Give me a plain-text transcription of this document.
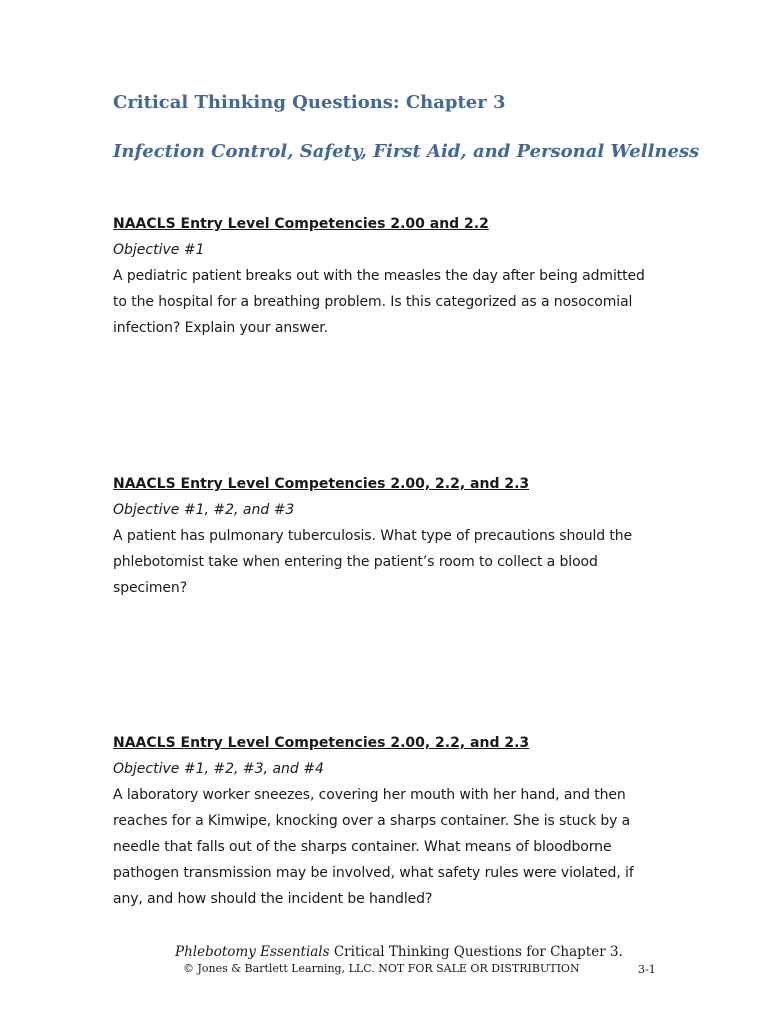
Critical Thinking Questions: Chapter 3
Infection Control, Safety, First Aid, and Personal Wellness

NAACLS Entry Level Competencies 2.00 and 2.2

Objective #1

A pediatric patient breaks out with the measles the day after being admitted to the hospital for a breathing problem. Is this categorized as a nosocomial infection? Explain your answer.

NAACLS Entry Level Competencies 2.00, 2.2, and 2.3

Objective #1, #2, and #3

A patient has pulmonary tuberculosis. What type of precautions should the phlebotomist take when entering the patient’s room to collect a blood specimen?

NAACLS Entry Level Competencies 2.00, 2.2, and 2.3

Objective #1, #2, #3, and #4

A laboratory worker sneezes, covering her mouth with her hand, and then reaches for a Kimwipe, knocking over a sharps container. She is stuck by a needle that falls out of the sharps container. What means of bloodborne pathogen transmission may be involved, what safety rules were violated, if any, and how should the incident be handled?

Phlebotomy Essentials Critical Thinking Questions for Chapter 3.
© Jones & Bartlett Learning, LLC. NOT FOR SALE OR DISTRIBUTION	3-1
